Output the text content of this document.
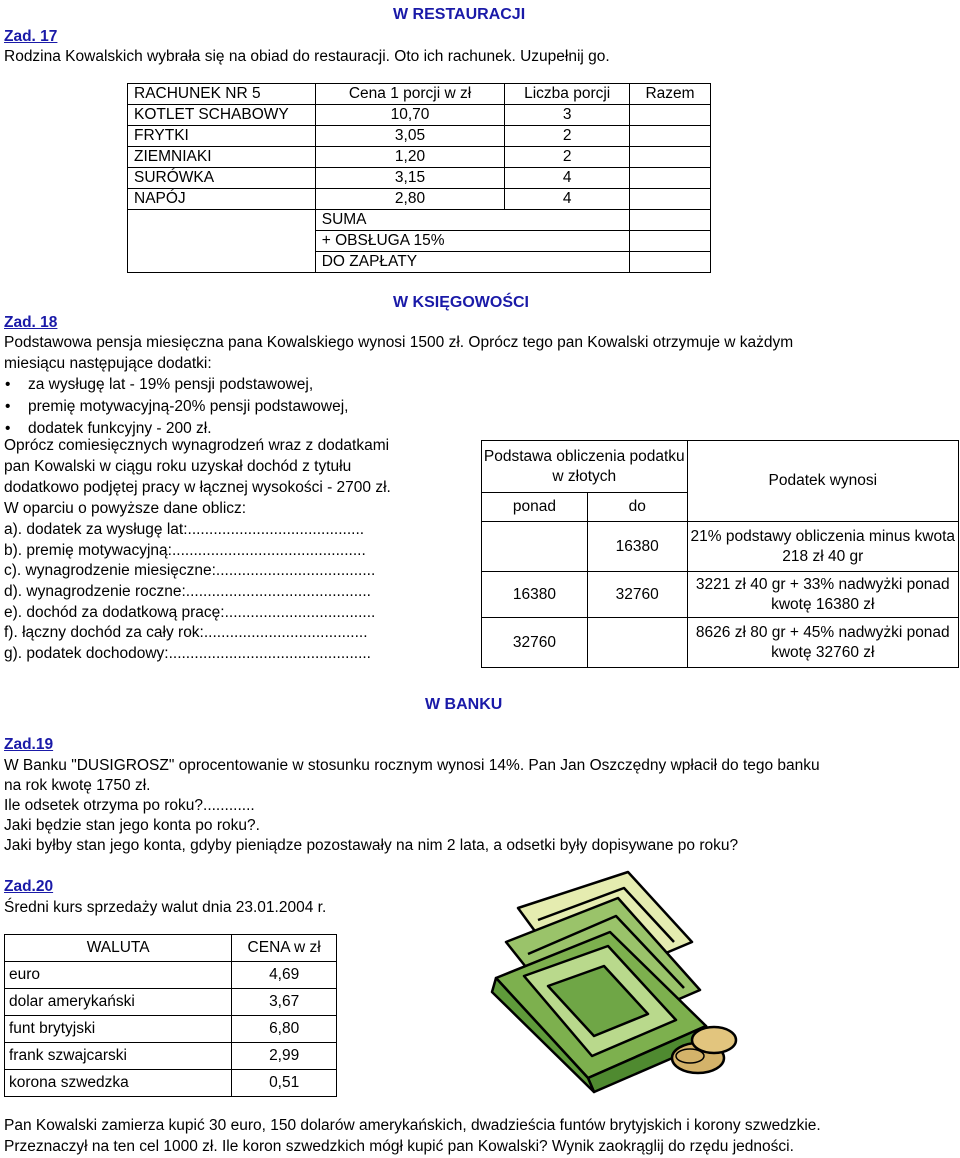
W RESTAURACJI
Zad. 17
Rodzina Kowalskich wybrała się na obiad do restauracji. Oto ich rachunek. Uzupełnij go.
RACHUNEK NR 5	Cena 1 porcji w zł	Liczba porcji	Razem
KOTLET SCHABOWY	10,70	3	
FRYTKI	3,05	2	
ZIEMNIAKI	1,20	2	
SURÓWKA	3,15	4	
NAPÓJ	2,80	4	
	SUMA		
	+ OBSŁUGA 15%		
	DO ZAPŁATY		
W KSIĘGOWOŚCI
Zad. 18
Podstawowa pensja miesięczna pana Kowalskiego wynosi 1500 zł. Oprócz tego pan Kowalski otrzymuje w każdym
miesiącu następujące dodatki:
• za wysługę lat - 19% pensji podstawowej,
• premię motywacyjną-20% pensji podstawowej,
• dodatek funkcyjny - 200 zł.
Oprócz comiesięcznych wynagrodzeń wraz z dodatkami
pan Kowalski w ciągu roku uzyskał dochód z tytułu
dodatkowo podjętej pracy w łącznej wysokości - 2700 zł.
W oparciu o powyższe dane oblicz:
a). dodatek za wysługę lat:.........................................
b). premię motywacyjną:.............................................
c). wynagrodzenie miesięczne:.....................................
d). wynagrodzenie roczne:...........................................
e). dochód za dodatkową pracę:...................................
f). łączny dochód za cały rok:......................................
g). podatek dochodowy:...............................................
Podstawa obliczenia podatku w złotych		Podatek wynosi
ponad	do	
	16380	21% podstawy obliczenia minus kwota 218 zł 40 gr
16380	32760	3221 zł 40 gr + 33% nadwyżki ponad kwotę 16380 zł
32760		8626 zł 80 gr + 45% nadwyżki ponad kwotę 32760 zł
W BANKU
Zad.19
W Banku "DUSIGROSZ" oprocentowanie w stosunku rocznym wynosi 14%. Pan Jan Oszczędny wpłacił do tego banku
na rok kwotę 1750 zł.
Ile odsetek otrzyma po roku?............
Jaki będzie stan jego konta po roku?.
Jaki byłby stan jego konta, gdyby pieniądze pozostawały na nim 2 lata, a odsetki były dopisywane po roku?
Zad.20
Średni kurs sprzedaży walut dnia 23.01.2004 r.
WALUTA	CENA w zł
euro	4,69
dolar amerykański	3,67
funt brytyjski	6,80
frank szwajcarski	2,99
korona szwedzka	0,51
Pan Kowalski zamierza kupić 30 euro, 150 dolarów amerykańskich, dwadzieścia funtów brytyjskich i korony szwedzkie.
Przeznaczył na ten cel 1000 zł. Ile koron szwedzkich mógł kupić pan Kowalski? Wynik zaokrąglij do rzędu jedności.
